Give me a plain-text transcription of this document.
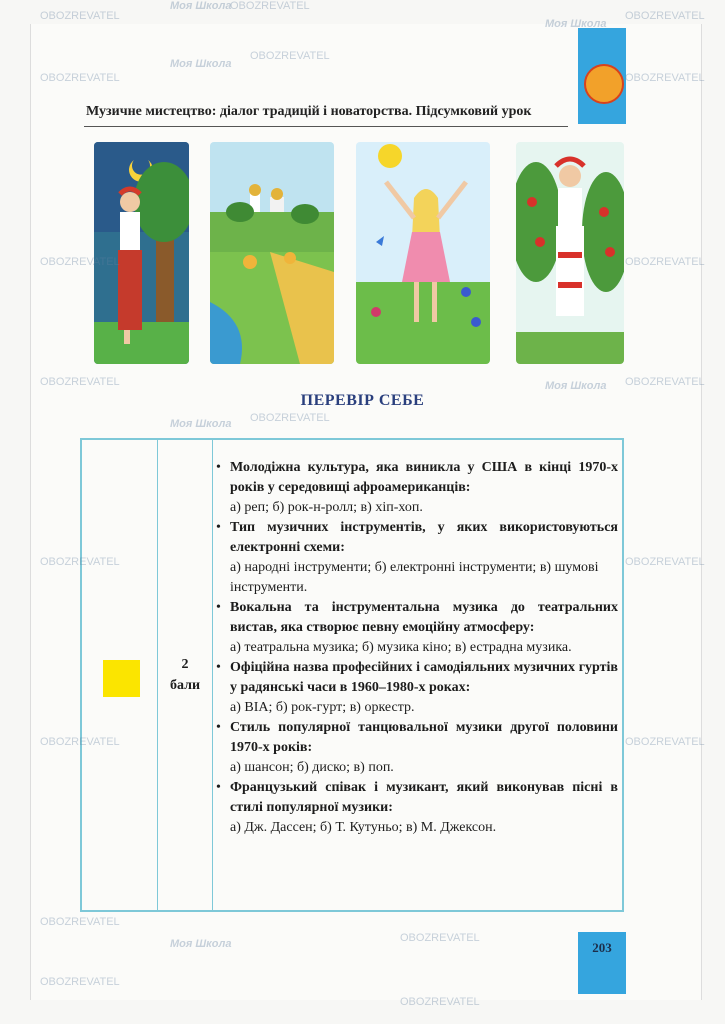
Музичне мистецтво: діалог традицій і новаторства. Підсумковий урок
ПЕРЕВІР СЕБЕ
2
бали
• Молодіжна культура, яка виникла у США в кінці 1970-х років у середовищі афроамериканців:
а) реп; б) рок-н-ролл; в) хіп-хоп.
• Тип музичних інструментів, у яких використовуються електронні схеми:
а) народні інструменти; б) електронні інструменти; в) шумові інструменти.
• Вокальна та інструментальна музика до театральних вистав, яка створює певну емоційну атмосферу:
а) театральна музика; б) музика кіно; в) естрадна музика.
• Офіційна назва професійних і самодіяльних музичних гуртів у радянські часи в 1960–1980-х роках:
а) ВІА; б) рок-гурт; в) оркестр.
• Стиль популярної танцювальної музики другої половини 1970-х років:
а) шансон; б) диско; в) поп.
• Французький співак і музикант, який виконував пісні в стилі популярної музики:
а) Дж. Дассен; б) Т. Кутуньо; в) М. Джексон.
203
OBOZREVATEL
Моя Школа
OBOZREVATEL
Моя Школа
OBOZREVATEL
OBOZREVATEL
Моя Школа
OBOZREVATEL
OBOZREVATEL
OBOZREVATEL	OBOZREVATEL
OBOZREVATEL	Моя Школа OBOZREVATEL
Моя Школа OBOZREVATEL
OBOZREVATEL	OBOZREVATEL
OBOZREVATEL	OBOZREVATEL
OBOZREVATEL
Моя Школа	OBOZREVATEL
OBOZREVATEL
OBOZREVATEL
